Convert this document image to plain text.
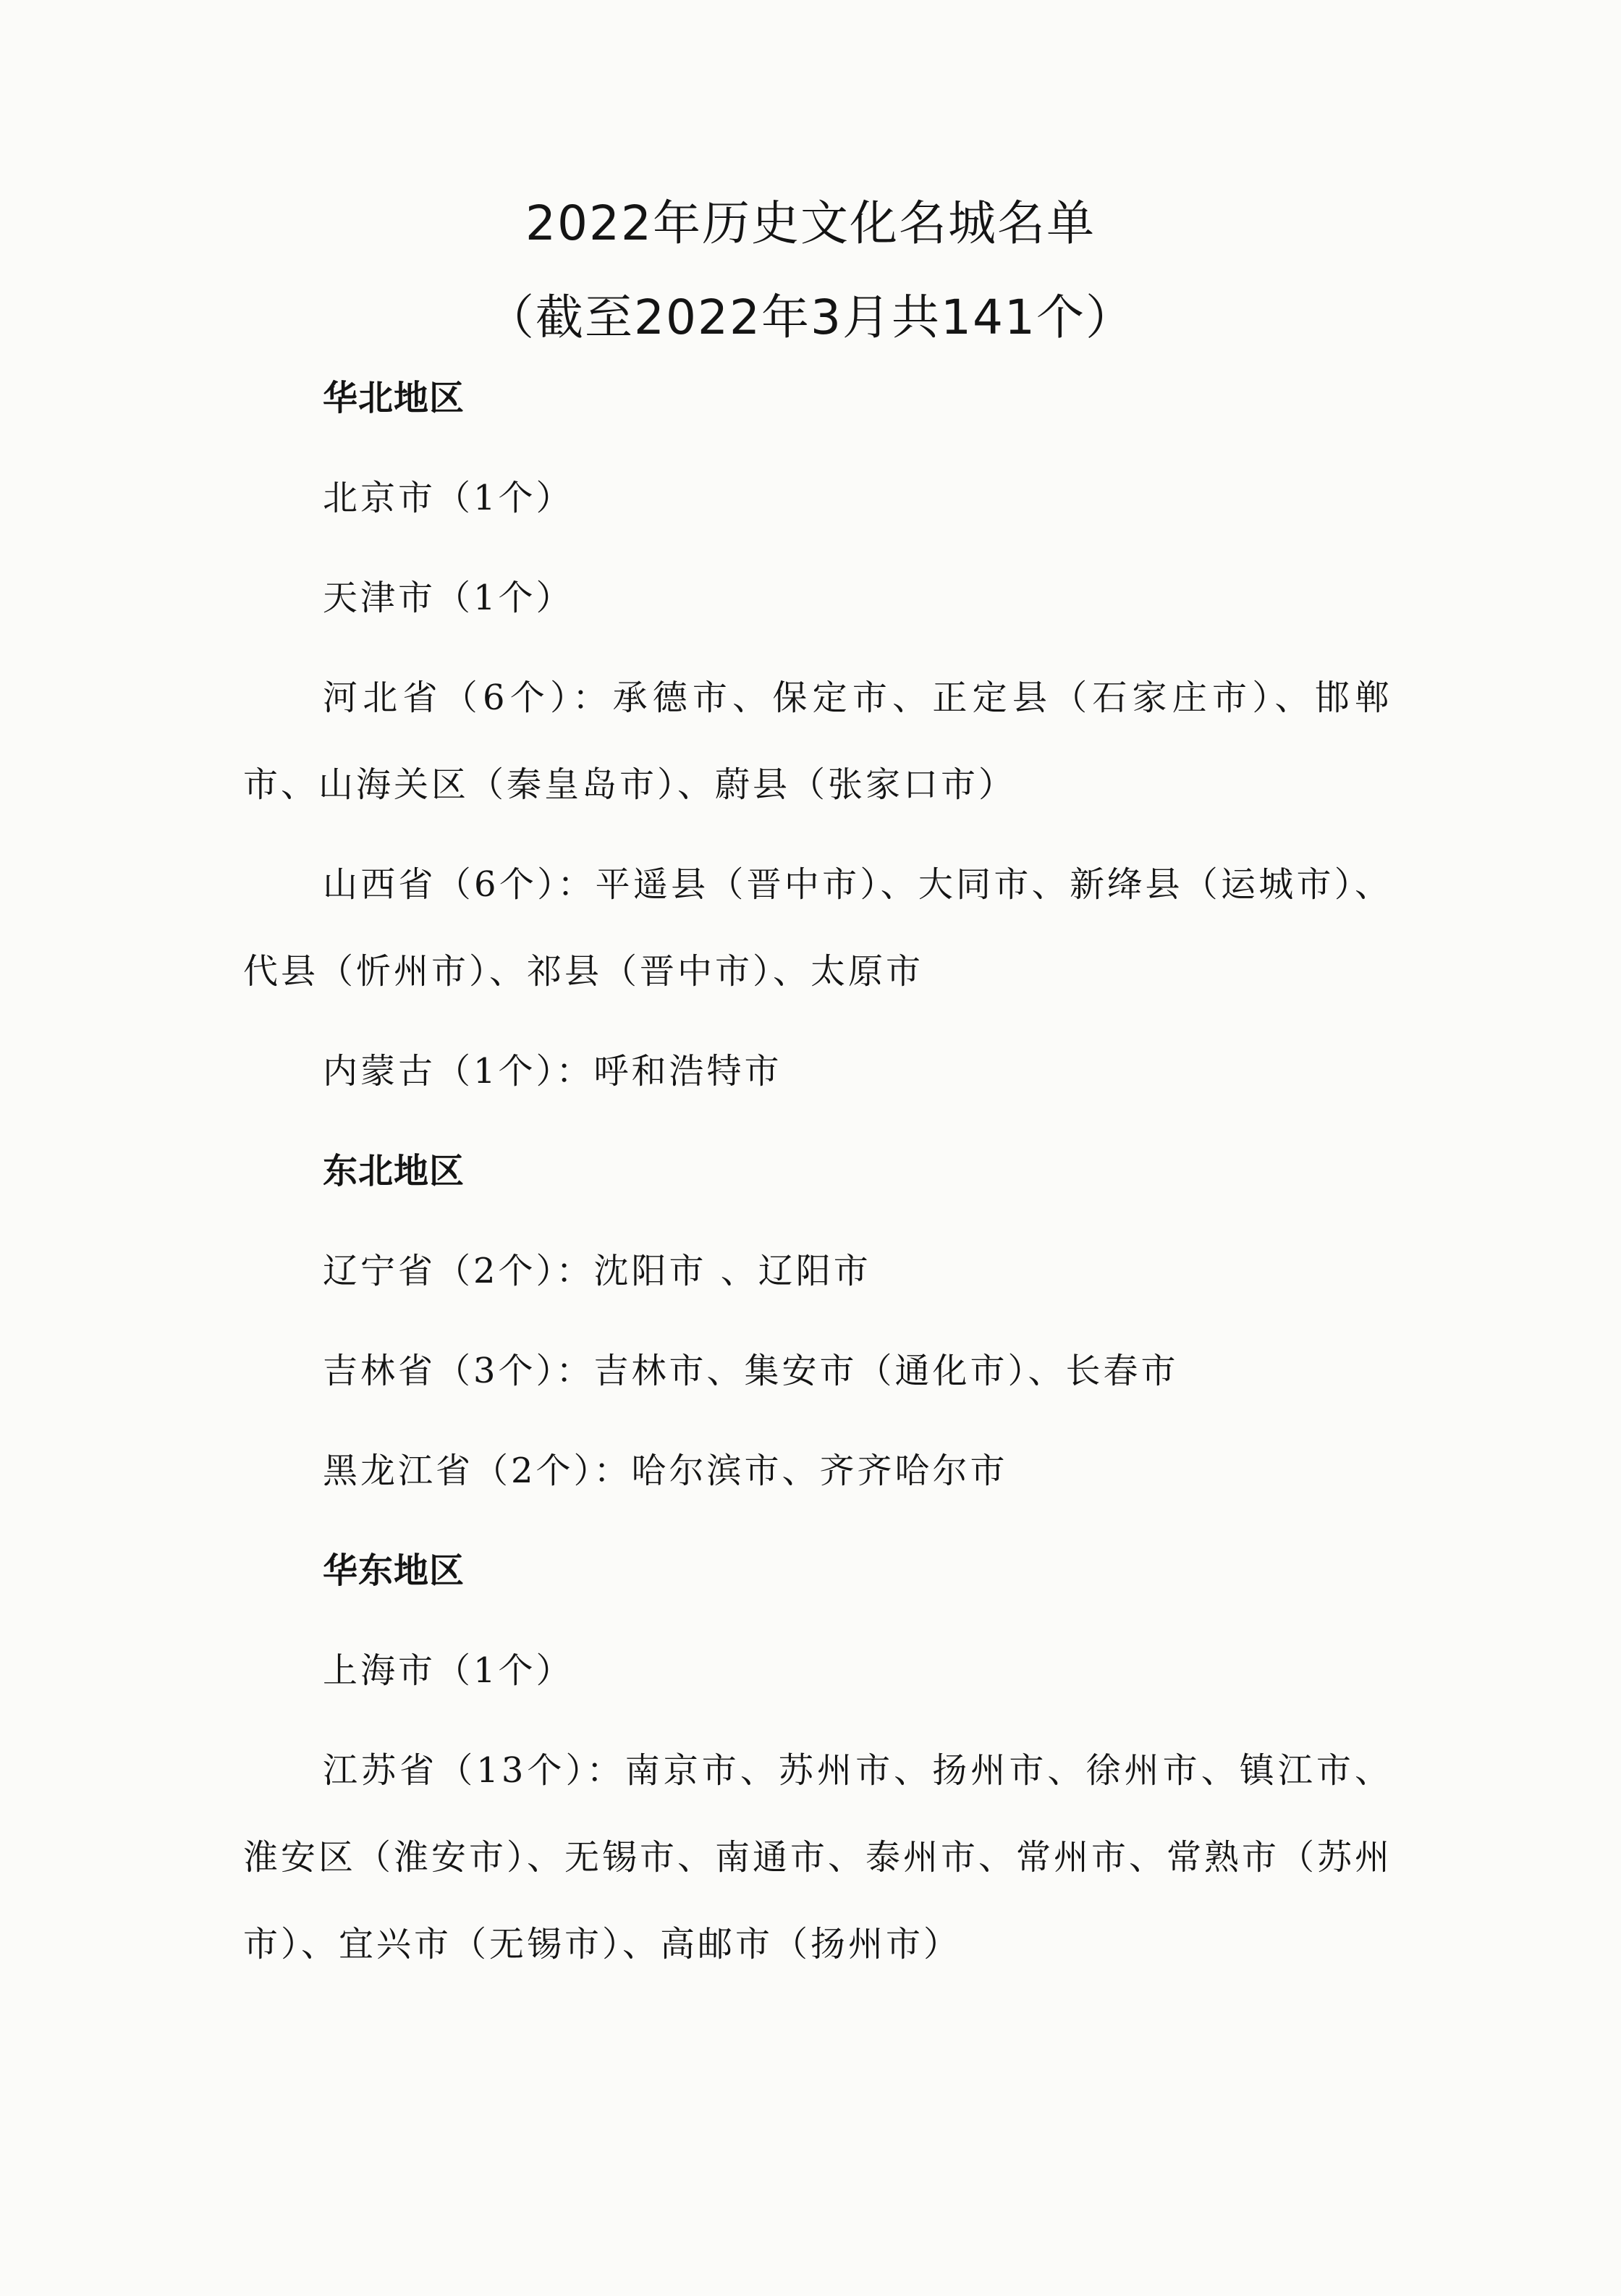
2022年历史文化名城名单
（截至2022年3月共141个）
华北地区
北京市（1个）
天津市（1个）
河北省（6个）：承德市、保定市、正定县（石家庄市）、邯郸市、山海关区（秦皇岛市）、蔚县（张家口市）
山西省（6个）：平遥县（晋中市）、大同市、新绛县（运城市）、代县（忻州市）、祁县（晋中市）、太原市
内蒙古（1个）：呼和浩特市
东北地区
辽宁省（2个）：沈阳市 、辽阳市
吉林省（3个）：吉林市、集安市（通化市）、长春市
黑龙江省（2个）：哈尔滨市、齐齐哈尔市
华东地区
上海市（1个）
江苏省（13个）：南京市、苏州市、扬州市、徐州市、镇江市、淮安区（淮安市）、无锡市、南通市、泰州市、常州市、常熟市（苏州市）、宜兴市（无锡市）、高邮市（扬州市）
